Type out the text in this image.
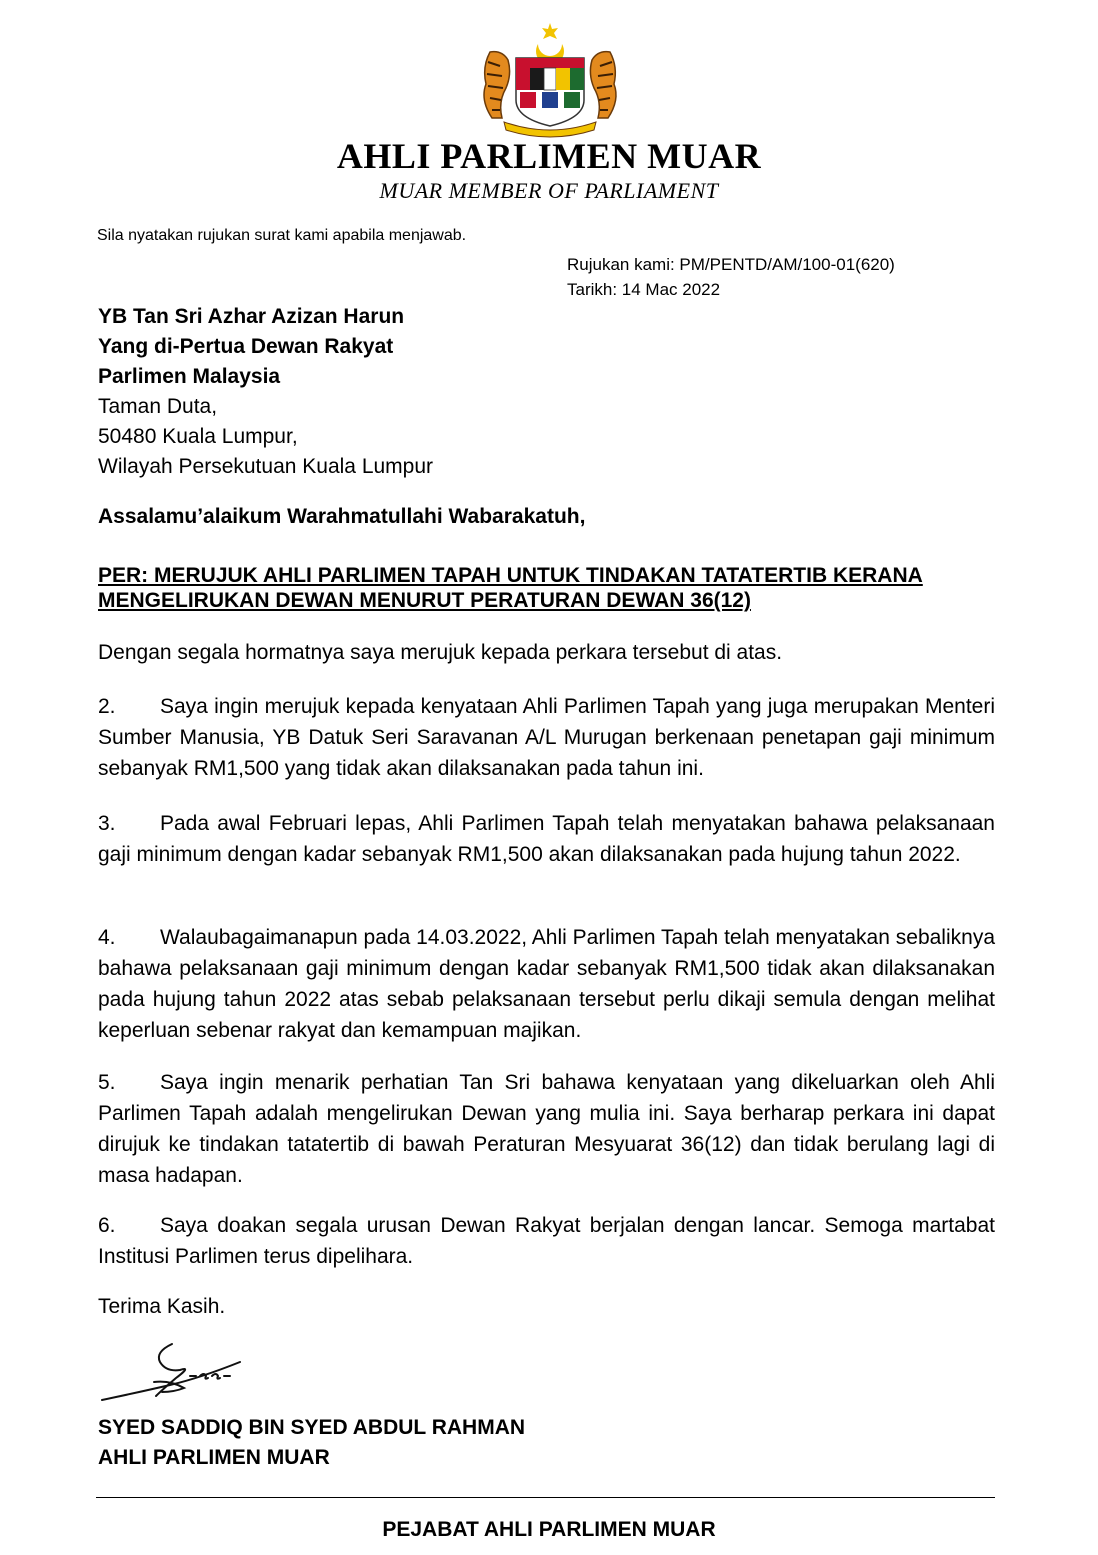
AHLI PARLIMEN MUAR
MUAR MEMBER OF PARLIAMENT
Sila nyatakan rujukan surat kami apabila menjawab.
Rujukan kami: PM/PENTD/AM/100-01(620)
Tarikh: 14 Mac 2022
YB Tan Sri Azhar Azizan Harun
Yang di-Pertua Dewan Rakyat
Parlimen Malaysia
Taman Duta,
50480 Kuala Lumpur,
Wilayah Persekutuan Kuala Lumpur
Assalamu’alaikum Warahmatullahi Wabarakatuh,
PER: MERUJUK AHLI PARLIMEN TAPAH UNTUK TINDAKAN TATATERTIB KERANA MENGELIRUKAN DEWAN MENURUT PERATURAN DEWAN 36(12)
Dengan segala hormatnya saya merujuk kepada perkara tersebut di atas.
2. Saya ingin merujuk kepada kenyataan Ahli Parlimen Tapah yang juga merupakan Menteri Sumber Manusia, YB Datuk Seri Saravanan A/L Murugan berkenaan penetapan gaji minimum sebanyak RM1,500 yang tidak akan dilaksanakan pada tahun ini.
3. Pada awal Februari lepas, Ahli Parlimen Tapah telah menyatakan bahawa pelaksanaan gaji minimum dengan kadar sebanyak RM1,500 akan dilaksanakan pada hujung tahun 2022.
4. Walaubagaimanapun pada 14.03.2022, Ahli Parlimen Tapah telah menyatakan sebaliknya bahawa pelaksanaan gaji minimum dengan kadar sebanyak RM1,500 tidak akan dilaksanakan pada hujung tahun 2022 atas sebab pelaksanaan tersebut perlu dikaji semula dengan melihat keperluan sebenar rakyat dan kemampuan majikan.
5. Saya ingin menarik perhatian Tan Sri bahawa kenyataan yang dikeluarkan oleh Ahli Parlimen Tapah adalah mengelirukan Dewan yang mulia ini. Saya berharap perkara ini dapat dirujuk ke tindakan tatatertib di bawah Peraturan Mesyuarat 36(12) dan tidak berulang lagi di masa hadapan.
6. Saya doakan segala urusan Dewan Rakyat berjalan dengan lancar. Semoga martabat Institusi Parlimen terus dipelihara.
Terima Kasih.
SYED SADDIQ BIN SYED ABDUL RAHMAN
AHLI PARLIMEN MUAR
PEJABAT AHLI PARLIMEN MUAR
